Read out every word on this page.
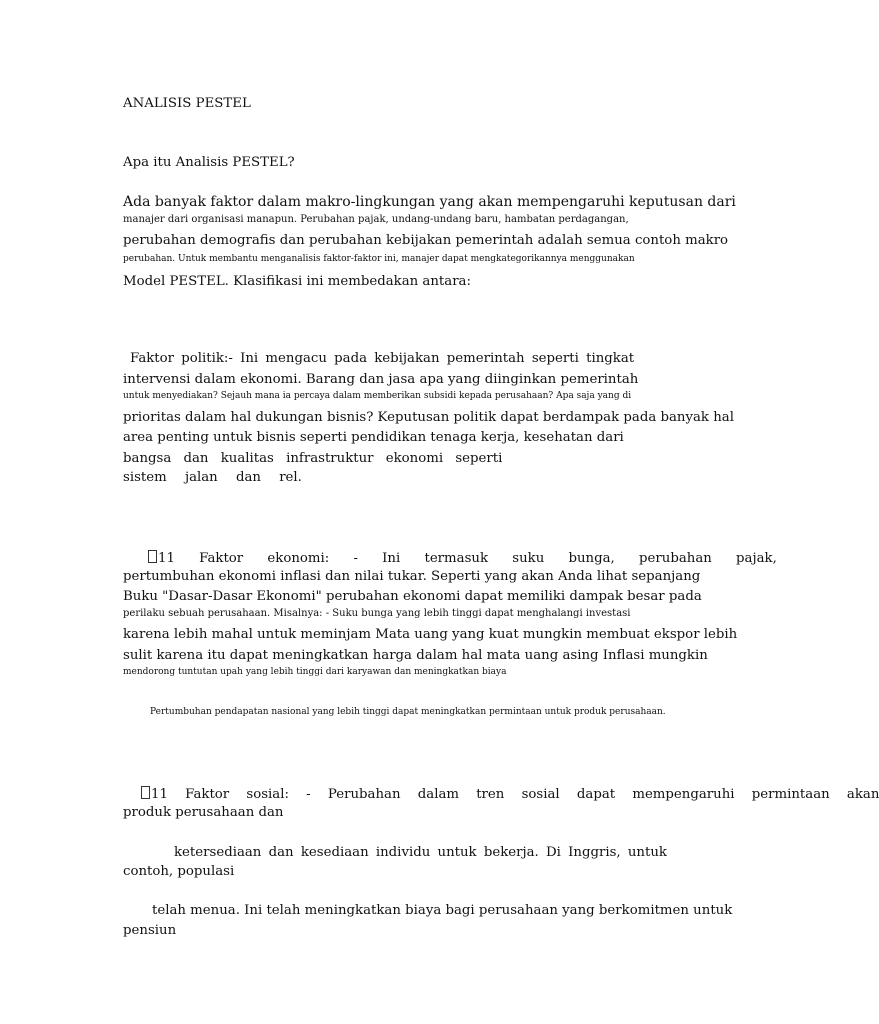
ANALISIS PESTEL
Apa itu Analisis PESTEL?
Ada banyak faktor dalam makro-lingkungan yang akan mempengaruhi keputusan dari
manajer dari organisasi manapun. Perubahan pajak, undang-undang baru, hambatan perdagangan,
perubahan demografis dan perubahan kebijakan pemerintah adalah semua contoh makro
perubahan. Untuk membantu menganalisis faktor-faktor ini, manajer dapat mengkategorikannya menggunakan
Model PESTEL. Klasifikasi ini membedakan antara:
Faktor politik:- Ini mengacu pada kebijakan pemerintah seperti tingkat
intervensi dalam ekonomi. Barang dan jasa apa yang diinginkan pemerintah
untuk menyediakan? Sejauh mana ia percaya dalam memberikan subsidi kepada perusahaan? Apa saja yang di
prioritas dalam hal dukungan bisnis? Keputusan politik dapat berdampak pada banyak hal
area penting untuk bisnis seperti pendidikan tenaga kerja, kesehatan dari
bangsa dan kualitas infrastruktur ekonomi seperti
sistem jalan dan rel.
11 Faktor ekonomi: - Ini termasuk suku bunga, perubahan pajak,
pertumbuhan ekonomi inflasi dan nilai tukar. Seperti yang akan Anda lihat sepanjang
Buku "Dasar-Dasar Ekonomi" perubahan ekonomi dapat memiliki dampak besar pada
perilaku sebuah perusahaan. Misalnya: - Suku bunga yang lebih tinggi dapat menghalangi investasi
karena lebih mahal untuk meminjam Mata uang yang kuat mungkin membuat ekspor lebih
sulit karena itu dapat meningkatkan harga dalam hal mata uang asing Inflasi mungkin
mendorong tuntutan upah yang lebih tinggi dari karyawan dan meningkatkan biaya
Pertumbuhan pendapatan nasional yang lebih tinggi dapat meningkatkan permintaan untuk produk perusahaan.
11 Faktor sosial: - Perubahan dalam tren sosial dapat mempengaruhi permintaan akan
produk perusahaan dan
ketersediaan dan kesediaan individu untuk bekerja. Di Inggris, untuk
contoh, populasi
telah menua. Ini telah meningkatkan biaya bagi perusahaan yang berkomitmen untuk
pensiun
